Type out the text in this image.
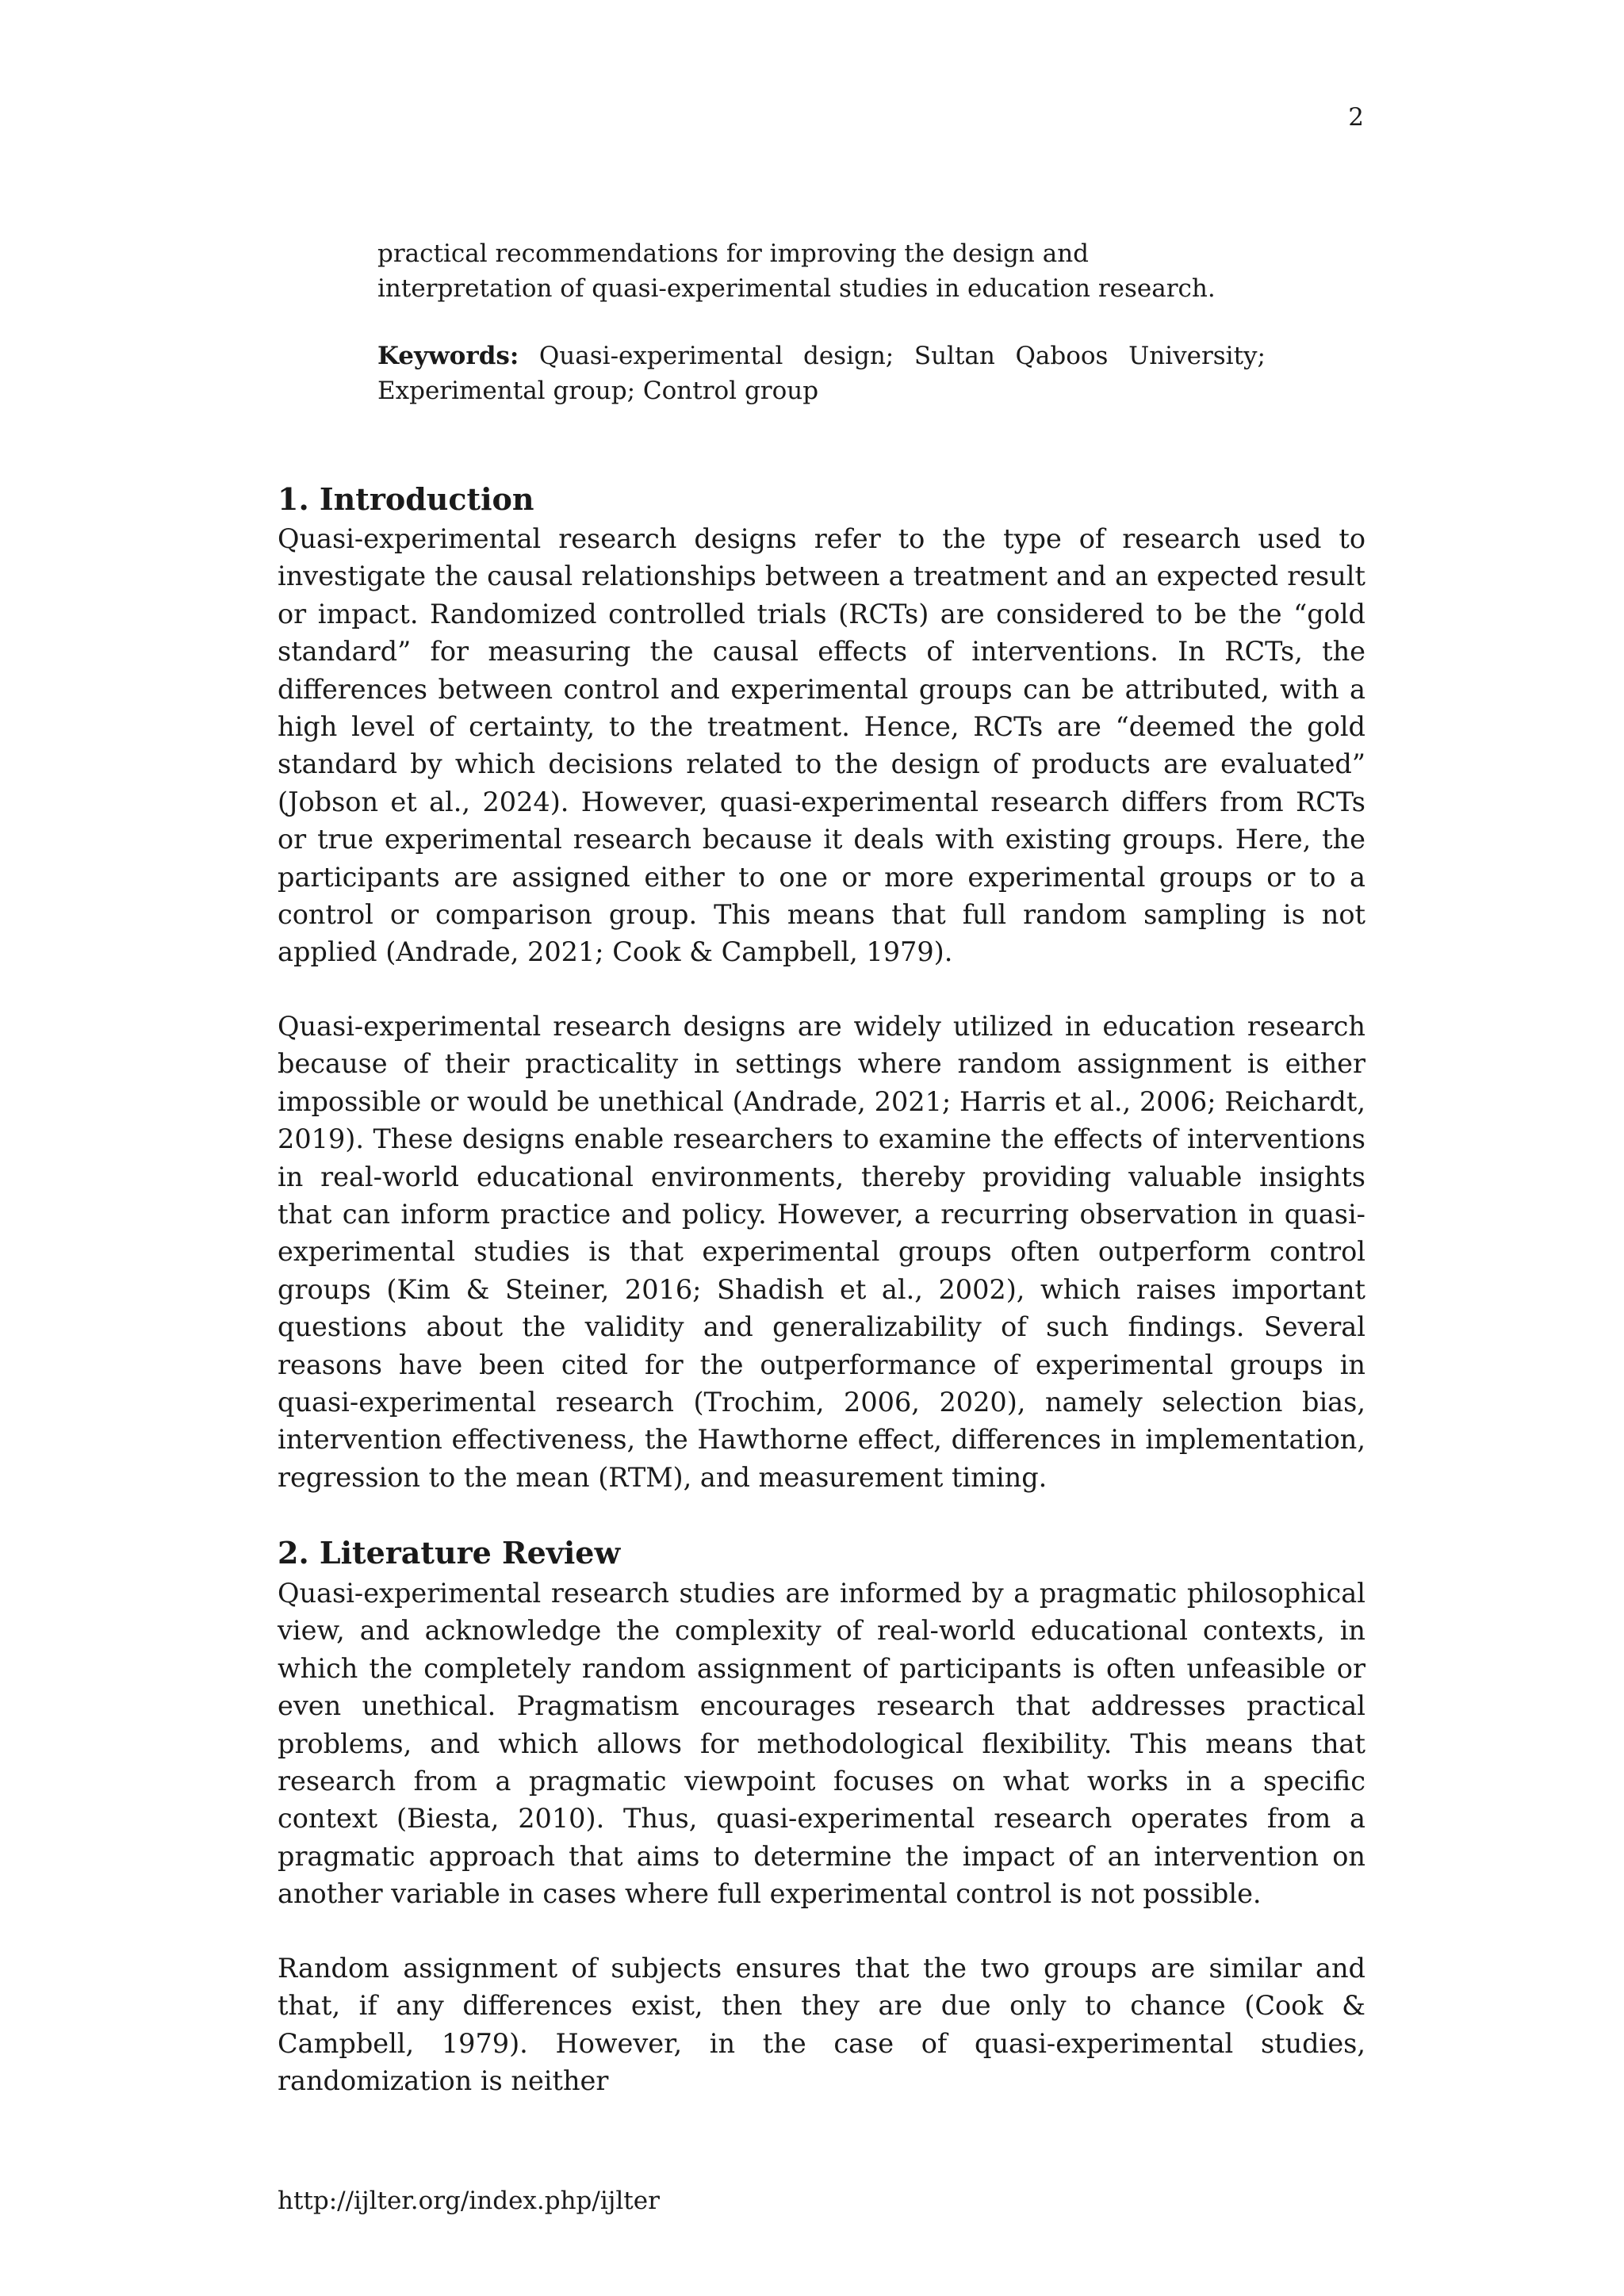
2

practical recommendations for improving the design and interpretation of quasi-experimental studies in education research.

Keywords: Quasi-experimental design; Sultan Qaboos University; Experimental group; Control group

1. Introduction

Quasi-experimental research designs refer to the type of research used to investigate the causal relationships between a treatment and an expected result or impact. Randomized controlled trials (RCTs) are considered to be the “gold standard” for measuring the causal effects of interventions. In RCTs, the differences between control and experimental groups can be attributed, with a high level of certainty, to the treatment. Hence, RCTs are “deemed the gold standard by which decisions related to the design of products are evaluated” (Jobson et al., 2024). However, quasi-experimental research differs from RCTs or true experimental research because it deals with existing groups. Here, the participants are assigned either to one or more experimental groups or to a control or comparison group. This means that full random sampling is not applied (Andrade, 2021; Cook & Campbell, 1979).

Quasi-experimental research designs are widely utilized in education research because of their practicality in settings where random assignment is either impossible or would be unethical (Andrade, 2021; Harris et al., 2006; Reichardt, 2019). These designs enable researchers to examine the effects of interventions in real-world educational environments, thereby providing valuable insights that can inform practice and policy. However, a recurring observation in quasi-experimental studies is that experimental groups often outperform control groups (Kim & Steiner, 2016; Shadish et al., 2002), which raises important questions about the validity and generalizability of such findings. Several reasons have been cited for the outperformance of experimental groups in quasi-experimental research (Trochim, 2006, 2020), namely selection bias, intervention effectiveness, the Hawthorne effect, differences in implementation, regression to the mean (RTM), and measurement timing.

2. Literature Review

Quasi-experimental research studies are informed by a pragmatic philosophical view, and acknowledge the complexity of real-world educational contexts, in which the completely random assignment of participants is often unfeasible or even unethical. Pragmatism encourages research that addresses practical problems, and which allows for methodological flexibility. This means that research from a pragmatic viewpoint focuses on what works in a specific context (Biesta, 2010). Thus, quasi-experimental research operates from a pragmatic approach that aims to determine the impact of an intervention on another variable in cases where full experimental control is not possible.

Random assignment of subjects ensures that the two groups are similar and that, if any differences exist, then they are due only to chance (Cook & Campbell, 1979). However, in the case of quasi-experimental studies, randomization is neither

http://ijlter.org/index.php/ijlter
